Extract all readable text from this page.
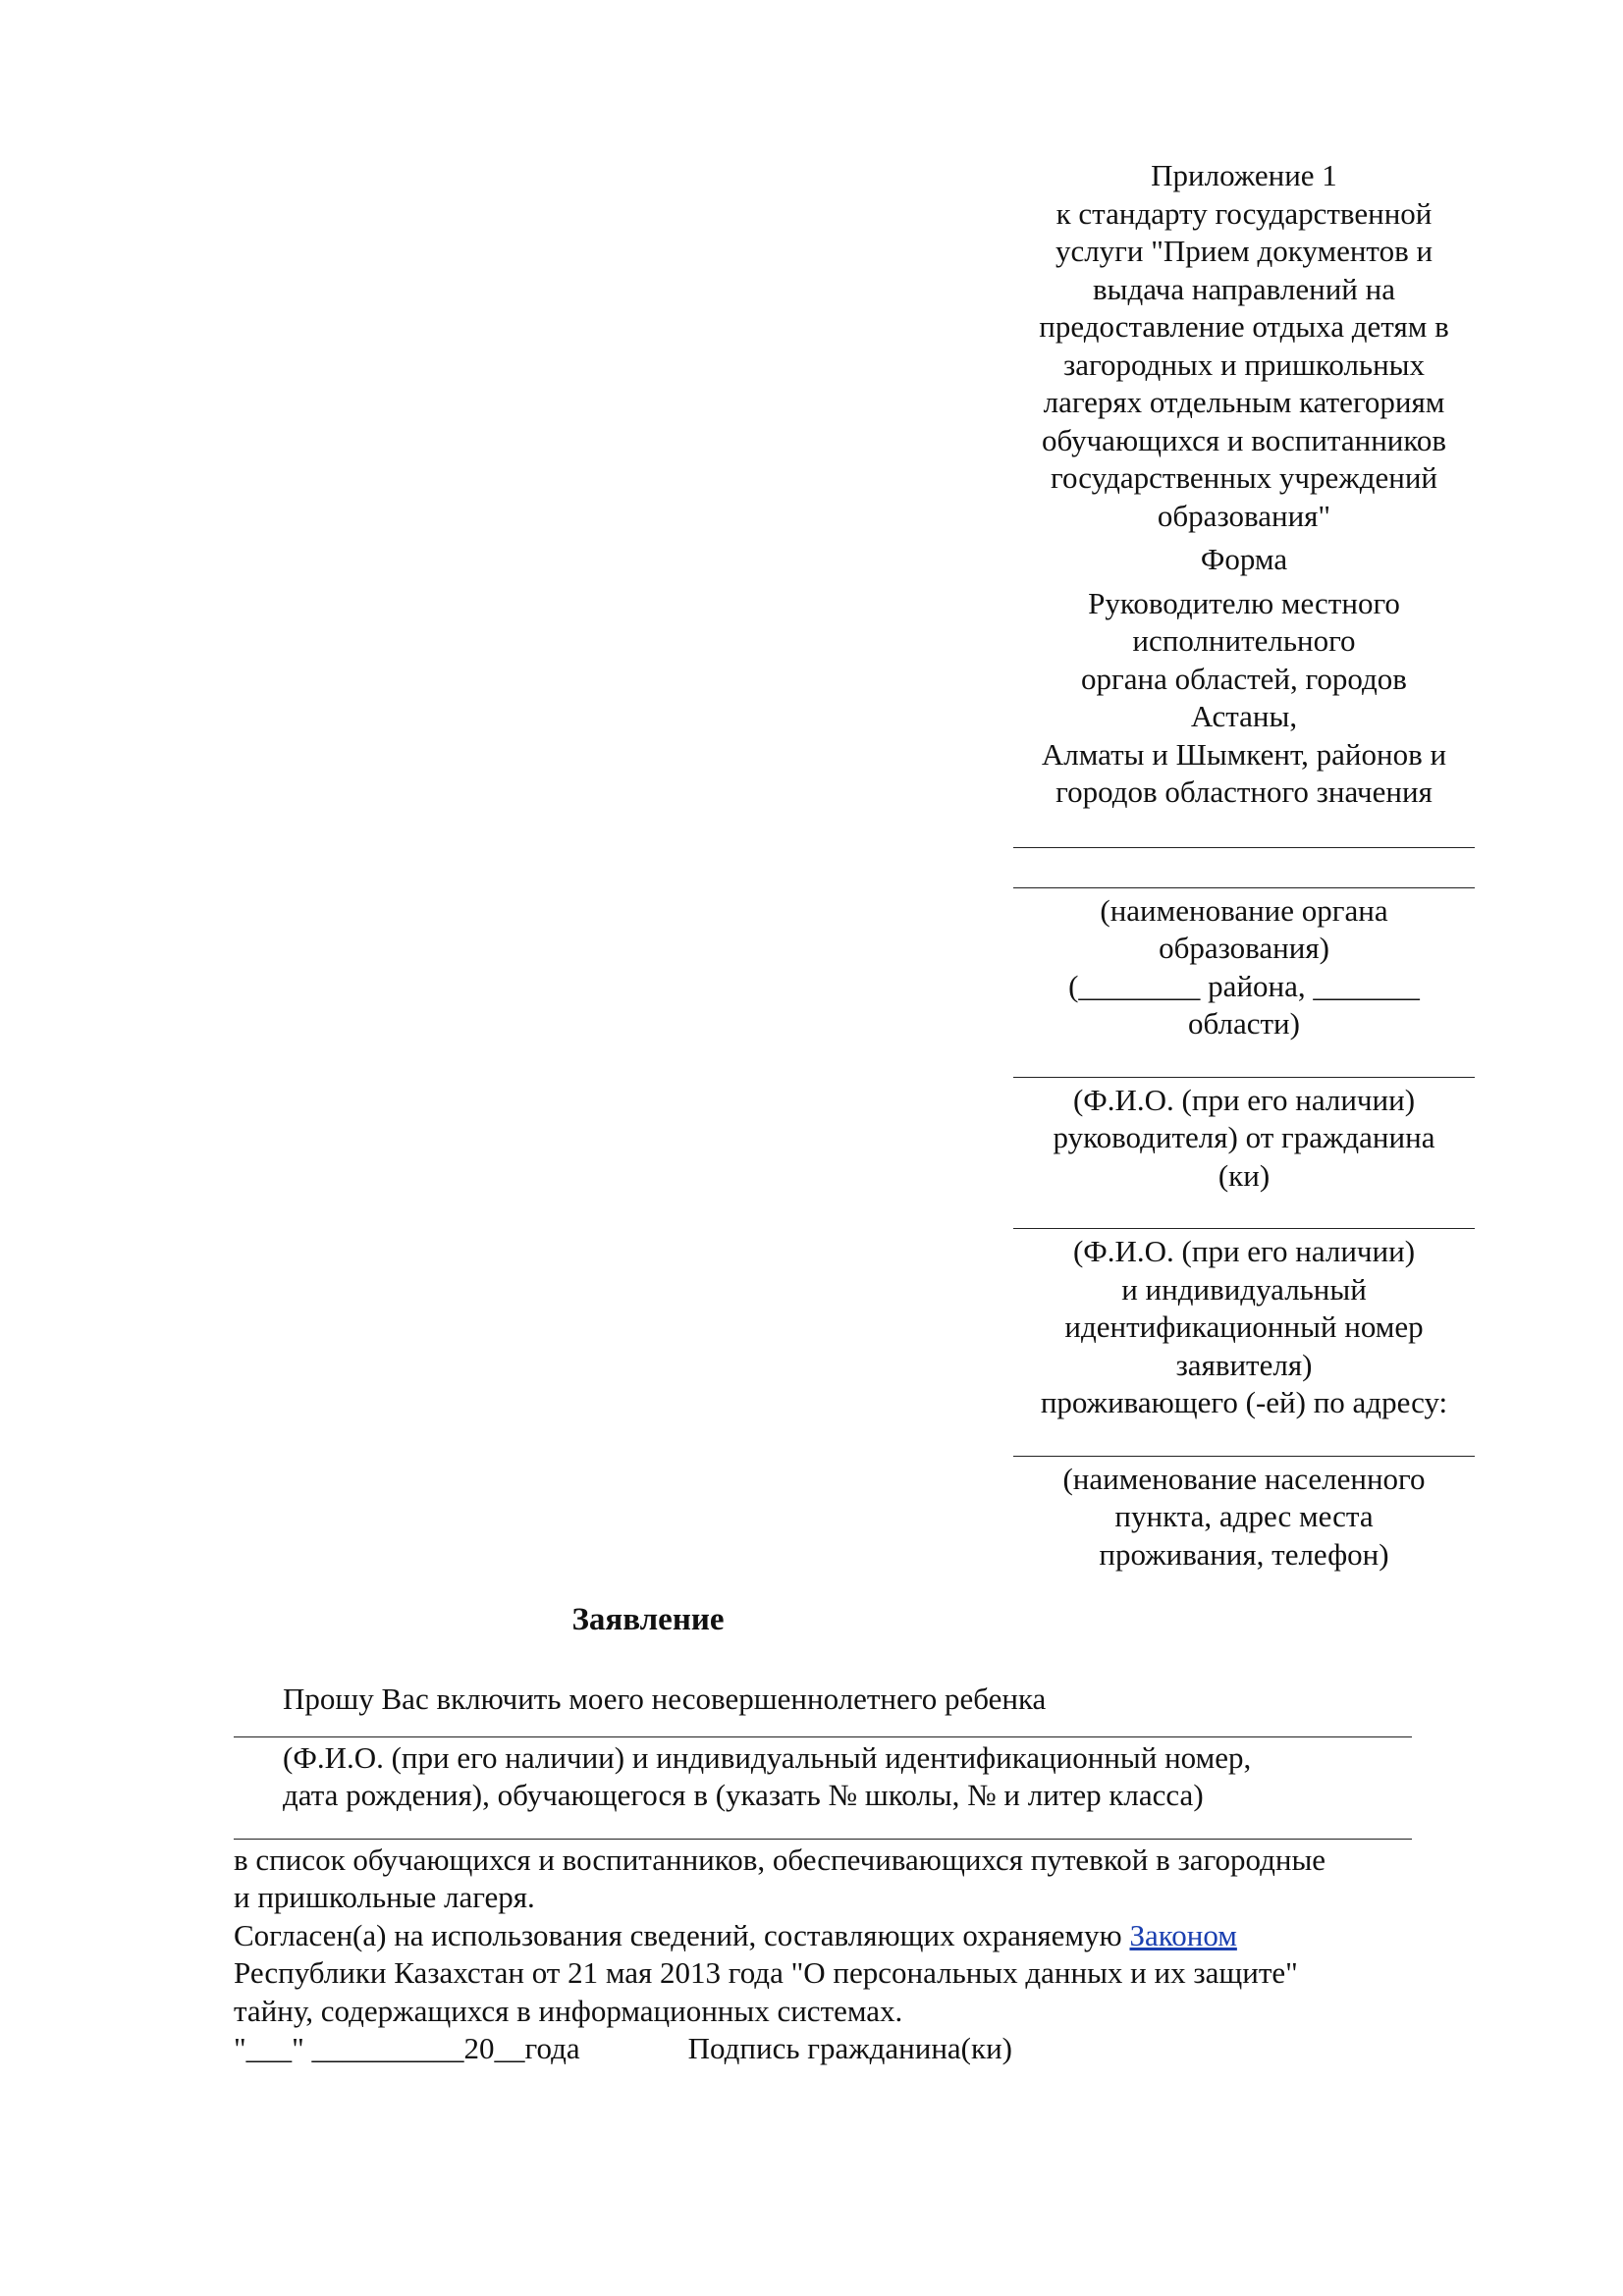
Приложение 1
к стандарту государственной
услуги "Прием документов и
выдача направлений на
предоставление отдыха детям в
загородных и пришкольных
лагерях отдельным категориям
обучающихся и воспитанников
государственных учреждений
образования"
Форма
Руководителю местного
исполнительного
органа областей, городов
Астаны,
Алматы и Шымкент, районов и
городов областного значения
(наименование органа
образования)
(________ района, _______
области)
(Ф.И.О. (при его наличии)
руководителя) от гражданина
(ки)
(Ф.И.О. (при его наличии)
и индивидуальный
идентификационный номер
заявителя)
проживающего (-ей) по адресу:
(наименование населенного
пункта, адрес места
проживания, телефон)
Заявление
Прошу Вас включить моего несовершеннолетнего ребенка
(Ф.И.О. (при его наличии) и индивидуальный идентификационный номер,
дата рождения), обучающегося в (указать № школы, № и литер класса)
в список обучающихся и воспитанников, обеспечивающихся путевкой в загородные
и пришкольные лагеря.
Согласен(а) на использования сведений, составляющих охраняемую Законом
Республики Казахстан от 21 мая 2013 года "О персональных данных и их защите"
тайну, содержащихся в информационных системах.
"___" __________20__года	Подпись гражданина(ки)
